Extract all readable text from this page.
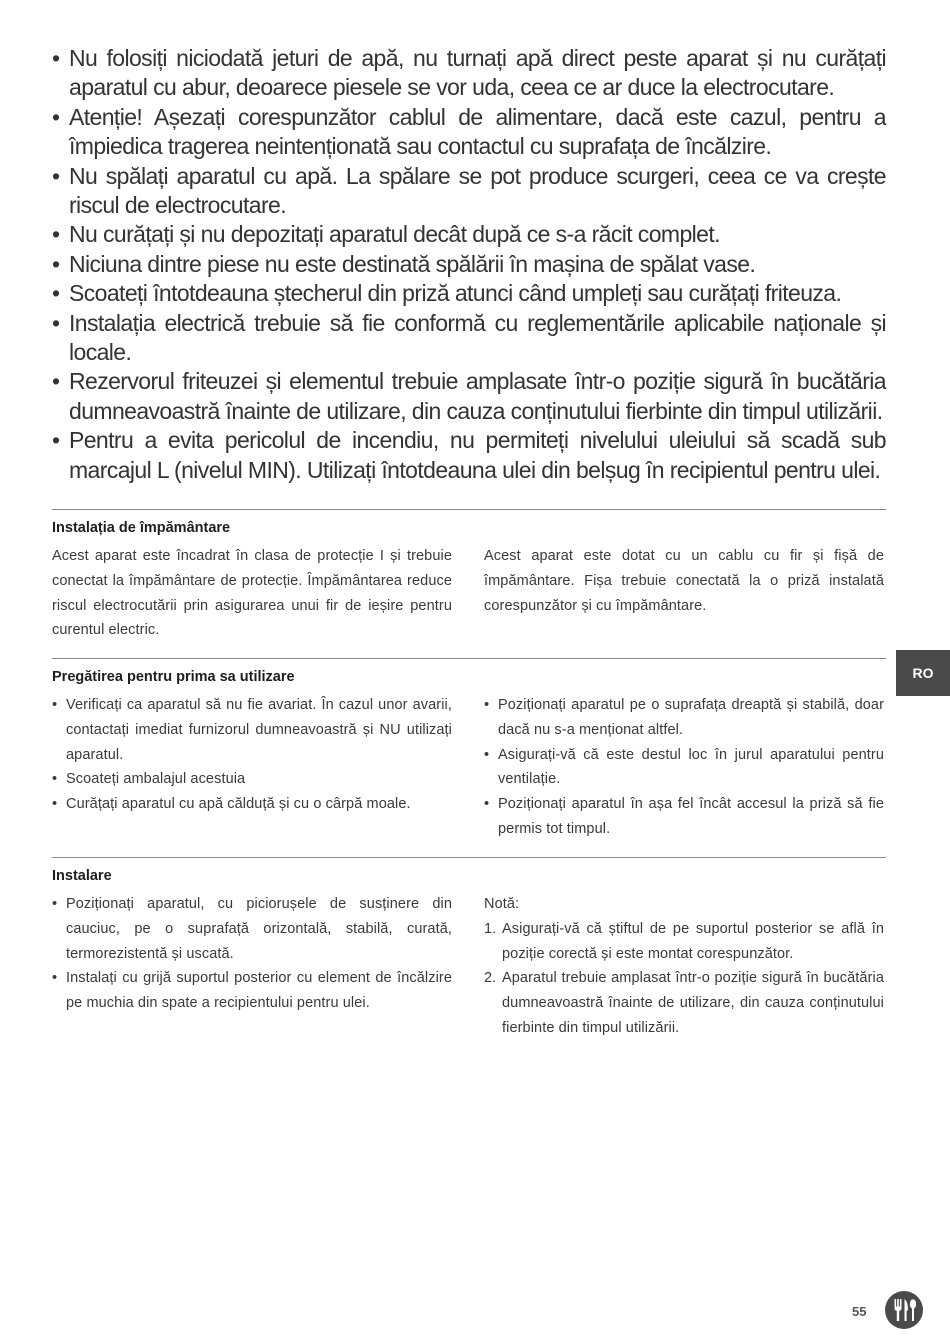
• Nu folosiți niciodată jeturi de apă, nu turnați apă direct peste aparat și nu curățați aparatul cu abur, deoarece piesele se vor uda, ceea ce ar duce la electrocutare.
• Atenție! Așezați corespunzător cablul de alimentare, dacă este cazul, pentru a împiedica tragerea neintenționată sau contactul cu suprafața de încălzire.
• Nu spălați aparatul cu apă. La spălare se pot produce scurgeri, ceea ce va crește riscul de electrocutare.
• Nu curățați și nu depozitați aparatul decât după ce s-a răcit complet.
• Niciuna dintre piese nu este destinată spălării în mașina de spălat vase.
• Scoateți întotdeauna ștecherul din priză atunci când umpleți sau curățați friteuza.
• Instalația electrică trebuie să fie conformă cu reglementările aplicabile naționale și locale.
• Rezervorul friteuzei și elementul trebuie amplasate într-o poziție sigură în bucătăria dumneavoastră înainte de utilizare, din cauza conținutului fierbinte din timpul utilizării.
• Pentru a evita pericolul de incendiu, nu permiteți nivelului uleiului să scadă sub marcajul L (nivelul MIN). Utilizați întotdeauna ulei din belșug în recipientul pentru ulei.
Instalația de împământare

Acest aparat este încadrat în clasa de protecție I și trebuie conectat la împământare de protecție. Împământarea reduce riscul electrocutării prin asigurarea unui fir de ieșire pentru curentul electric.

Acest aparat este dotat cu un cablu cu fir și fișă de împământare. Fișa trebuie conectată la o priză instalată corespunzător și cu împământare.

Pregătirea pentru prima sa utilizare
• Verificați ca aparatul să nu fie avariat. În cazul unor avarii, contactați imediat furnizorul dumneavoastră și NU utilizați aparatul.
• Scoateți ambalajul acestuia
• Curățați aparatul cu apă călduță și cu o cârpă moale.
• Poziționați aparatul pe o suprafața dreaptă și stabilă, doar dacă nu s-a menționat altfel.
• Asigurați-vă că este destul loc în jurul aparatului pentru ventilație.
• Poziționați aparatul în așa fel încât accesul la priză să fie permis tot timpul.
Instalare
• Poziționați aparatul, cu piciorușele de susținere din cauciuc, pe o suprafață orizontală, stabilă, curată, termorezistentă și uscată.
• Instalați cu grijă suportul posterior cu element de încălzire pe muchia din spate a recipientului pentru ulei.

Notă:

1. Asigurați-vă că știftul de pe suportul posterior se află în poziție corectă și este montat corespunzător.
2. Aparatul trebuie amplasat într-o poziție sigură în bucătăria dumneavoastră înainte de utilizare, din cauza conținutului fierbinte din timpul utilizării.
RO
55
